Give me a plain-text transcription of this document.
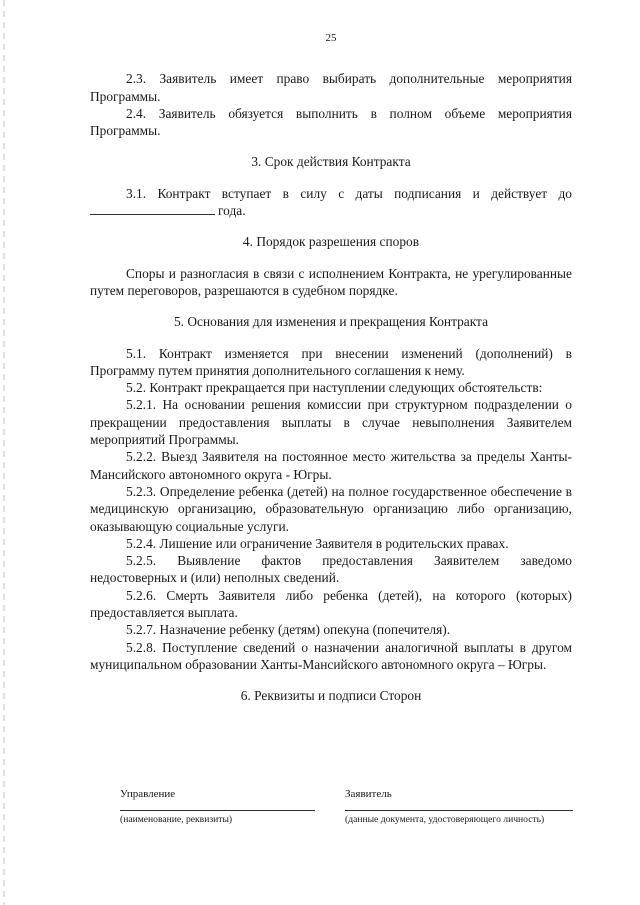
25

2.3. Заявитель имеет право выбирать дополнительные мероприятия Программы.

2.4. Заявитель обязуется выполнить в полном объеме мероприятия Программы.

3. Срок действия Контракта

3.1. Контракт вступает в силу с даты подписания и действует до года.

4. Порядок разрешения споров

Споры и разногласия в связи с исполнением Контракта, не урегулированные путем переговоров, разрешаются в судебном порядке.

5. Основания для изменения и прекращения Контракта

5.1. Контракт изменяется при внесении изменений (дополнений) в Программу путем принятия дополнительного соглашения к нему.

5.2. Контракт прекращается при наступлении следующих обстоятельств:

5.2.1. На основании решения комиссии при структурном подразделении о прекращении предоставления выплаты в случае невыполнения Заявителем мероприятий Программы.

5.2.2. Выезд Заявителя на постоянное место жительства за пределы Ханты-Мансийского автономного округа - Югры.

5.2.3. Определение ребенка (детей) на полное государственное обеспечение в медицинскую организацию, образовательную организацию либо организацию, оказывающую социальные услуги.

5.2.4. Лишение или ограничение Заявителя в родительских правах.

5.2.5. Выявление фактов предоставления Заявителем заведомо недостоверных и (или) неполных сведений.

5.2.6. Смерть Заявителя либо ребенка (детей), на которого (которых) предоставляется выплата.

5.2.7. Назначение ребенку (детям) опекуна (попечителя).

5.2.8. Поступление сведений о назначении аналогичной выплаты в другом муниципальном образовании Ханты-Мансийского автономного округа – Югры.

6. Реквизиты и подписи Сторон

Управление
(наименование, реквизиты)
Заявитель
(данные документа, удостоверяющего личность)
